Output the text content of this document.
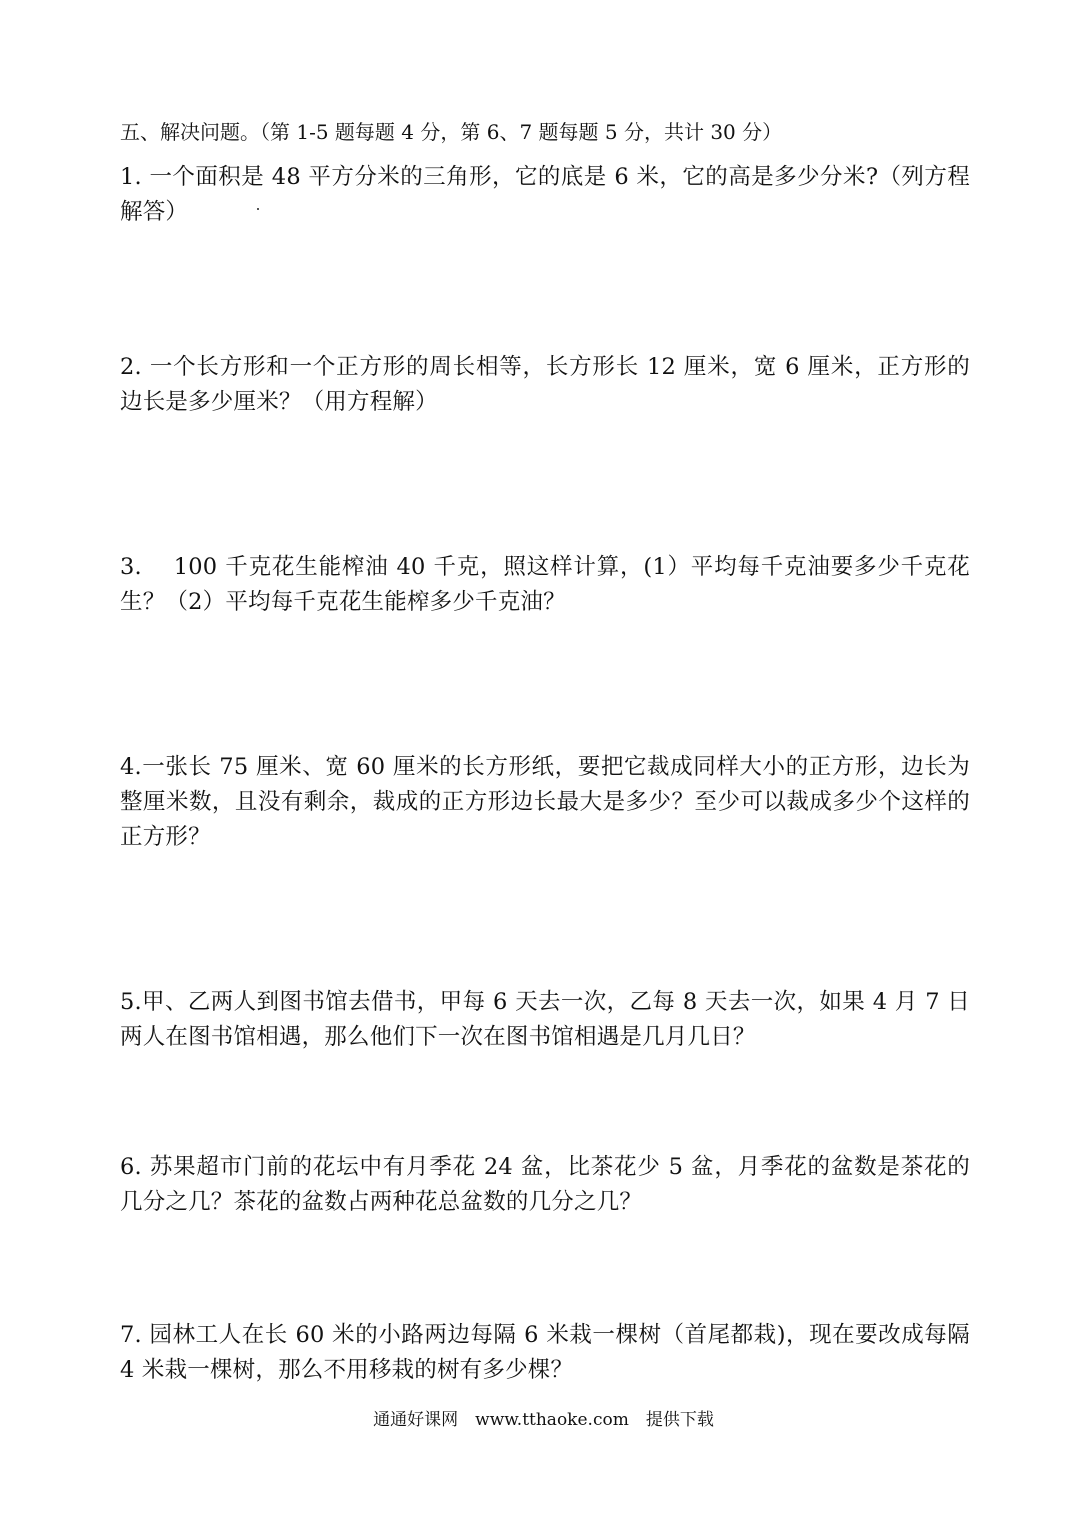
五、解决问题。（第 1-5 题每题 4 分，第 6、7 题每题 5 分，共计 30 分）
1. 一个面积是 48 平方分米的三角形，它的底是 6 米，它的高是多少分米?（列方程解答）
2. 一个长方形和一个正方形的周长相等，长方形长 12 厘米，宽 6 厘米，正方形的边长是多少厘米？（用方程解）
3.　 100 千克花生能榨油 40 千克，照这样计算，(1）平均每千克油要多少千克花生？（2）平均每千克花生能榨多少千克油？
4.一张长 75 厘米、宽 60 厘米的长方形纸，要把它裁成同样大小的正方形，边长为整厘米数，且没有剩余，裁成的正方形边长最大是多少？至少可以裁成多少个这样的正方形？
5.甲、乙两人到图书馆去借书，甲每 6 天去一次，乙每 8 天去一次，如果 4 月 7 日两人在图书馆相遇，那么他们下一次在图书馆相遇是几月几日？
6. 苏果超市门前的花坛中有月季花 24 盆，比茶花少 5 盆，月季花的盆数是茶花的几分之几？茶花的盆数占两种花总盆数的几分之几？
7. 园林工人在长 60 米的小路两边每隔 6 米栽一棵树（首尾都栽)，现在要改成每隔 4 米栽一棵树，那么不用移栽的树有多少棵？
通通好课网　www.tthaoke.com　提供下载
